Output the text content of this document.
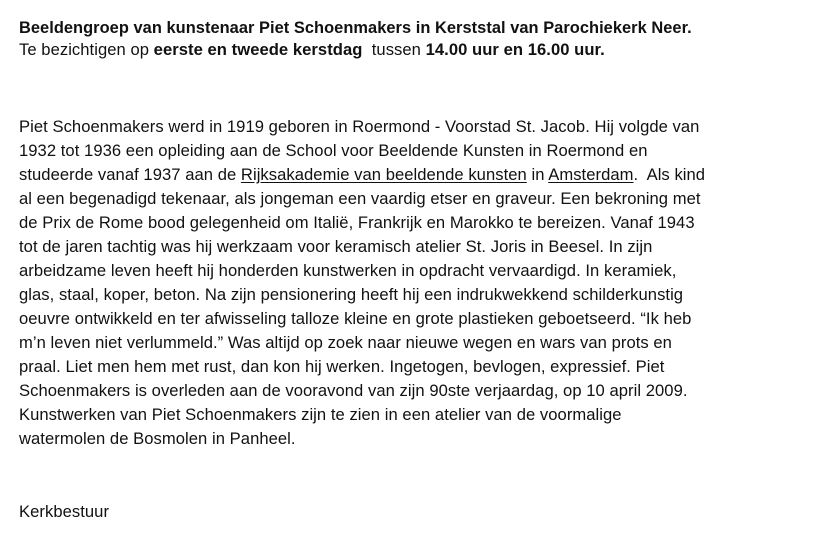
Beeldengroep van kunstenaar Piet Schoenmakers in Kerststal van Parochiekerk Neer.
Te bezichtigen op eerste en tweede kerstdag  tussen 14.00 uur en 16.00 uur.
Piet Schoenmakers werd in 1919 geboren in Roermond - Voorstad St. Jacob. Hij volgde van
1932 tot 1936 een opleiding aan de School voor Beeldende Kunsten in Roermond en
studeerde vanaf 1937 aan de Rijksakademie van beeldende kunsten in Amsterdam.  Als kind
al een begenadigd tekenaar, als jongeman een vaardig etser en graveur. Een bekroning met
de Prix de Rome bood gelegenheid om Italië, Frankrijk en Marokko te bereizen. Vanaf 1943
tot de jaren tachtig was hij werkzaam voor keramisch atelier St. Joris in Beesel. In zijn
arbeidzame leven heeft hij honderden kunstwerken in opdracht vervaardigd. In keramiek,
glas, staal, koper, beton. Na zijn pensionering heeft hij een indrukwekkend schilderkunstig
oeuvre ontwikkeld en ter afwisseling talloze kleine en grote plastieken geboetseerd. “Ik heb
m’n leven niet verlummeld.” Was altijd op zoek naar nieuwe wegen en wars van prots en
praal. Liet men hem met rust, dan kon hij werken. Ingetogen, bevlogen, expressief. Piet
Schoenmakers is overleden aan de vooravond van zijn 90ste verjaardag, op 10 april 2009.
Kunstwerken van Piet Schoenmakers zijn te zien in een atelier van de voormalige
watermolen de Bosmolen in Panheel.
Kerkbestuur
